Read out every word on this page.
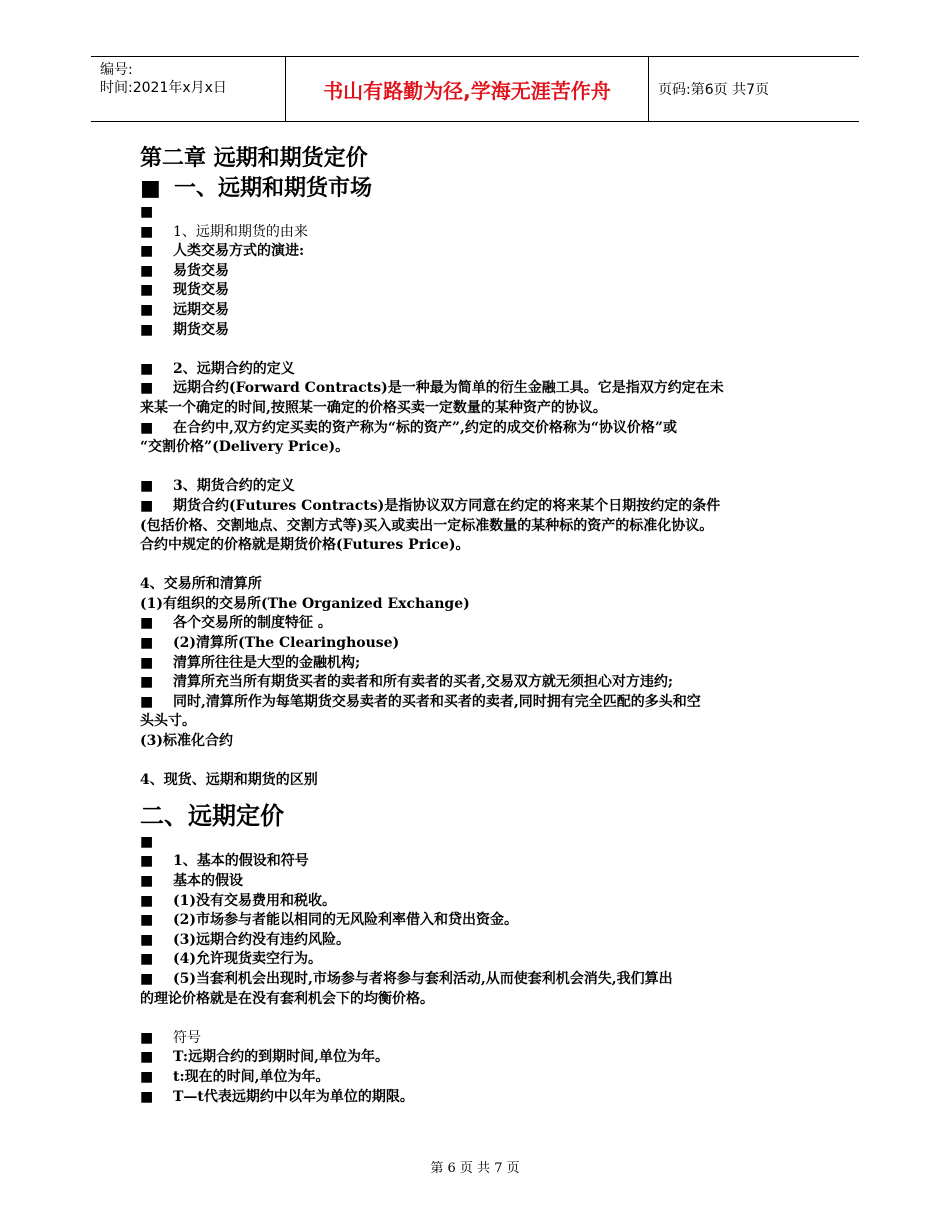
编号:
时间:2021年x月x日	书山有路勤为径,学海无涯苦作舟	页码:第6页 共7页
第二章 远期和期货定价
■ 一、远期和期货市场
■
■ 1、远期和期货的由来
■ 人类交易方式的演进:
■ 易货交易
■ 现货交易
■ 远期交易
■ 期货交易
■ 2、远期合约的定义
■ 远期合约(Forward Contracts)是一种最为简单的衍生金融工具。它是指双方约定在未
来某一个确定的时间,按照某一确定的价格买卖一定数量的某种资产的协议。
■ 在合约中,双方约定买卖的资产称为“标的资产”,约定的成交价格称为“协议价格”或
“交割价格”(Delivery Price)。
■ 3、期货合约的定义
■ 期货合约(Futures Contracts)是指协议双方同意在约定的将来某个日期按约定的条件
(包括价格、交割地点、交割方式等)买入或卖出一定标准数量的某种标的资产的标准化协议。
合约中规定的价格就是期货价格(Futures Price)。
4、交易所和清算所
(1)有组织的交易所(The Organized Exchange)
■ 各个交易所的制度特征 。
■ (2)清算所(The Clearinghouse)
■ 清算所往往是大型的金融机构;
■ 清算所充当所有期货买者的卖者和所有卖者的买者,交易双方就无须担心对方违约;
■ 同时,清算所作为每笔期货交易卖者的买者和买者的卖者,同时拥有完全匹配的多头和空
头头寸。
(3)标准化合约
4、现货、远期和期货的区别
二、远期定价
■
■ 1、基本的假设和符号
■ 基本的假设
■ (1)没有交易费用和税收。
■ (2)市场参与者能以相同的无风险利率借入和贷出资金。
■ (3)远期合约没有违约风险。
■ (4)允许现货卖空行为。
■ (5)当套利机会出现时,市场参与者将参与套利活动,从而使套利机会消失,我们算出
的理论价格就是在没有套利机会下的均衡价格。
■ 符号
■ T:远期合约的到期时间,单位为年。
■ t:现在的时间,单位为年。
■ T—t代表远期约中以年为单位的期限。
第 6 页 共 7 页
